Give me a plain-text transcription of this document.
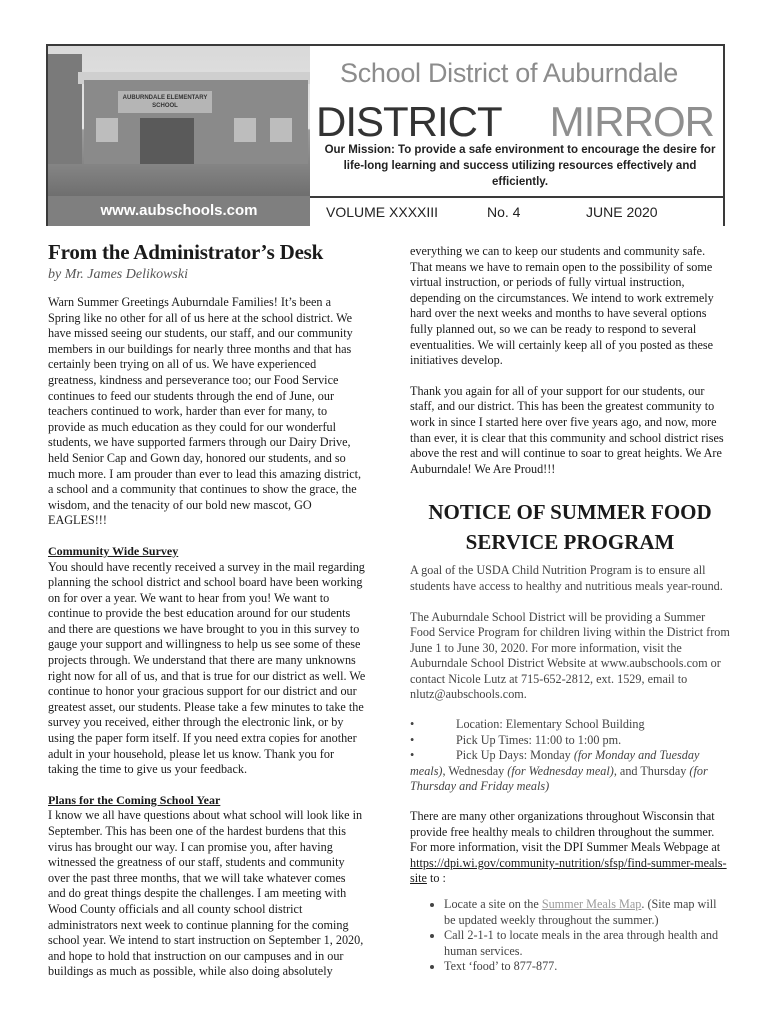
AUBURNDALE ELEMENTARY SCHOOL
www.aubschools.com
School District of Auburndale
DISTRICT MIRROR
Our Mission: To provide a safe environment to encourage the desire for life-long learning and success utilizing resources effectively and efficiently.
VOLUME XXXXIII	No. 4	JUNE 2020
From the Administrator’s Desk
by Mr. James Delikowski

Warn Summer Greetings Auburndale Families! It’s been a Spring like no other for all of us here at the school district. We have missed seeing our students, our staff, and our community members in our buildings for nearly three months and that has certainly been trying on all of us. We have experienced greatness, kindness and perseverance too; our Food Service continues to feed our students through the end of June, our teachers continued to work, harder than ever for many, to provide as much education as they could for our wonderful students, we have supported farmers through our Dairy Drive, held Senior Cap and Gown day, honored our students, and so much more. I am prouder than ever to lead this amazing district, a school and a community that continues to show the grace, the wisdom, and the tenacity of our bold new mascot, GO EAGLES!!!

Community Wide Survey

You should have recently received a survey in the mail regarding planning the school district and school board have been working on for over a year. We want to hear from you! We want to continue to provide the best education around for our students and there are questions we have brought to you in this survey to gauge your support and willingness to help us see some of these projects through. We understand that there are many unknowns right now for all of us, and that is true for our district as well. We continue to honor your gracious support for our district and our greatest asset, our students. Please take a few minutes to take the survey you received, either through the electronic link, or by using the paper form itself. If you need extra copies for another adult in your household, please let us know. Thank you for taking the time to give us your feedback.

Plans for the Coming School Year

I know we all have questions about what school will look like in September. This has been one of the hardest burdens that this virus has brought our way. I can promise you, after having witnessed the greatness of our staff, students and community over the past three months, that we will take whatever comes and do great things despite the challenges. I am meeting with Wood County officials and all county school district administrators next week to continue planning for the coming school year. We intend to start instruction on September 1, 2020, and hope to hold that instruction on our campuses and in our buildings as much as possible, while also doing absolutely

everything we can to keep our students and community safe. That means we have to remain open to the possibility of some virtual instruction, or periods of fully virtual instruction, depending on the circumstances. We intend to work extremely hard over the next weeks and months to have several options fully planned out, so we can be ready to respond to several eventualities. We will certainly keep all of you posted as these initiatives develop.

Thank you again for all of your support for our students, our staff, and our district. This has been the greatest community to work in since I started here over five years ago, and now, more than ever, it is clear that this community and school district rises above the rest and will continue to soar to great heights. We Are Auburndale! We Are Proud!!!

NOTICE OF SUMMER FOOD
SERVICE PROGRAM

A goal of the USDA Child Nutrition Program is to ensure all students have access to healthy and nutritious meals year-round.

The Auburndale School District will be providing a Summer Food Service Program for children living within the District from June 1 to June 30, 2020. For more information, visit the Auburndale School District Website at www.aubschools.com or contact Nicole Lutz at 715-652-2812, ext. 1529, email to nlutz@aubschools.com.

•	Location: Elementary School Building
•	Pick Up Times: 11:00 to 1:00 pm.
•	Pick Up Days: Monday (for Monday and Tuesday meals), Wednesday (for Wednesday meal), and Thursday (for Thursday and Friday meals)

There are many other organizations throughout Wisconsin that provide free healthy meals to children throughout the summer. For more information, visit the DPI Summer Meals Webpage at https://dpi.wi.gov/community-nutrition/sfsp/find-summer-meals-site to :

• Locate a site on the Summer Meals Map. (Site map will be updated weekly throughout the summer.)
• Call 2-1-1 to locate meals in the area through health and human services.
• Text ‘food’ to 877-877.
